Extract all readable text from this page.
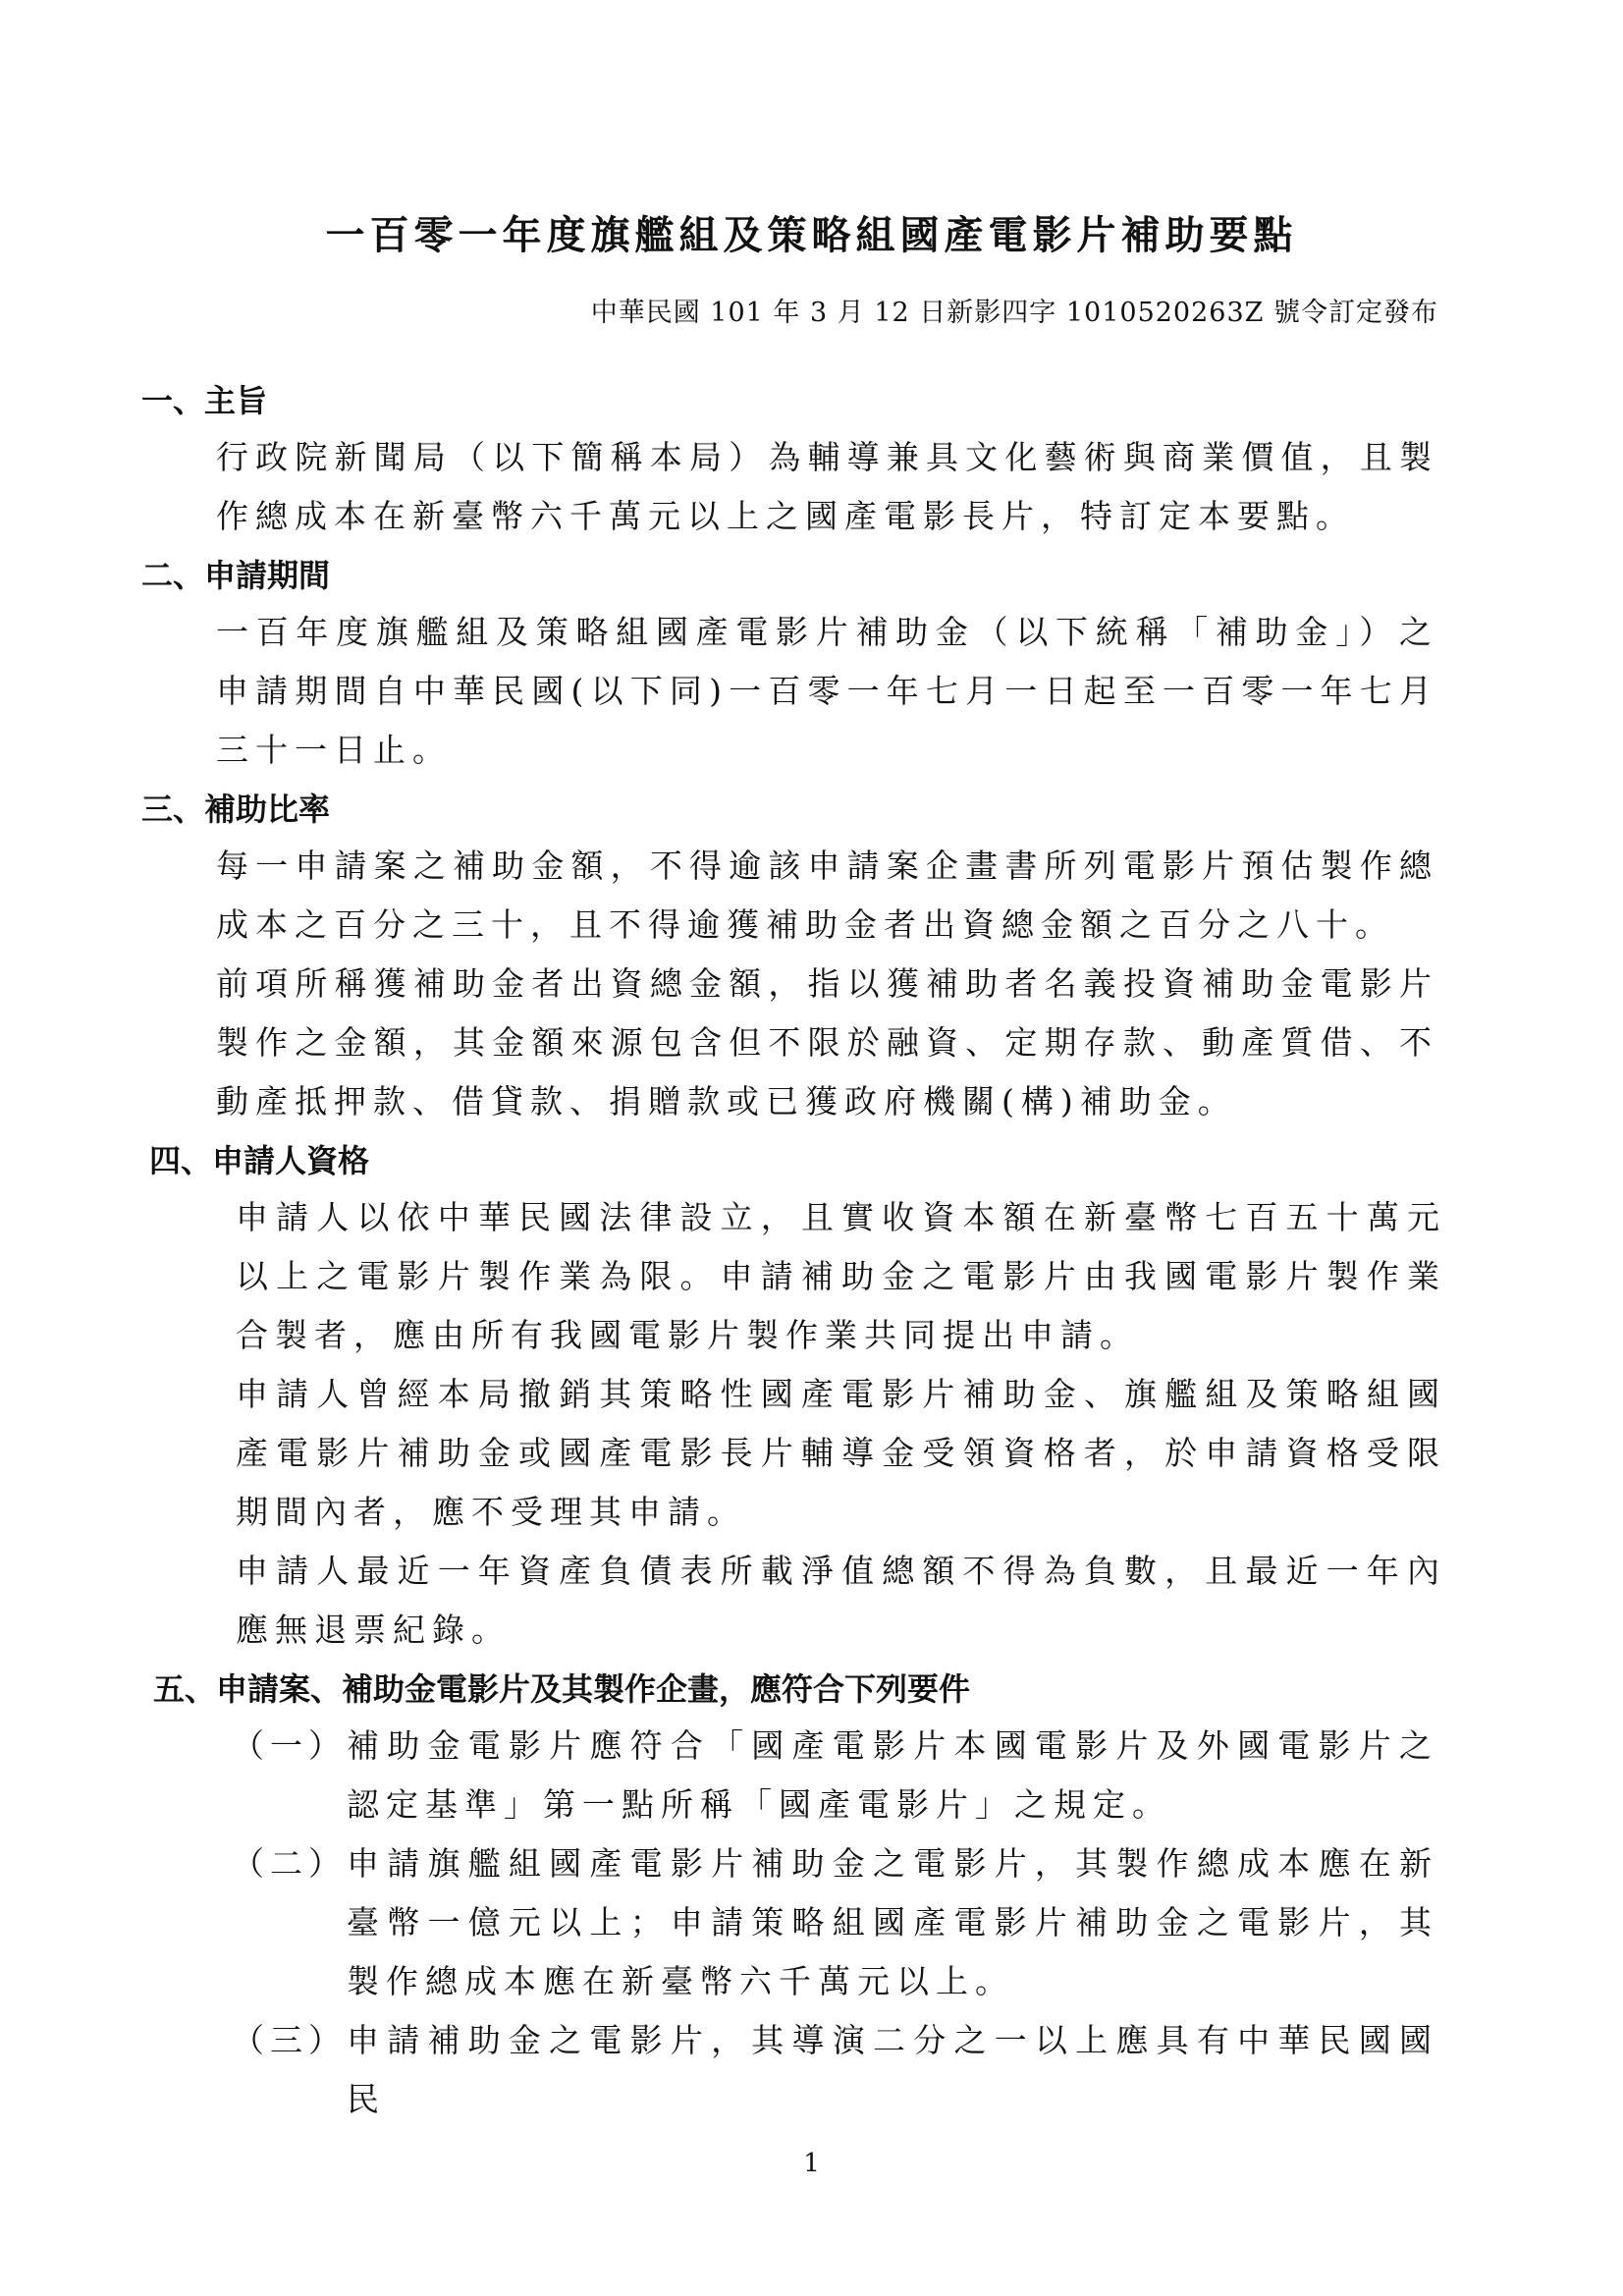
一百零一年度旗艦組及策略組國產電影片補助要點

中華民國 101 年 3 月 12 日新影四字 1010520263Z 號令訂定發布

一、主旨

行政院新聞局（以下簡稱本局）為輔導兼具文化藝術與商業價值，且製作總成本在新臺幣六千萬元以上之國產電影長片，特訂定本要點。

二、申請期間

一百年度旗艦組及策略組國產電影片補助金（以下統稱「補助金」）之申請期間自中華民國(以下同)一百零一年七月一日起至一百零一年七月三十一日止。

三、補助比率

每一申請案之補助金額，不得逾該申請案企畫書所列電影片預估製作總成本之百分之三十，且不得逾獲補助金者出資總金額之百分之八十。

前項所稱獲補助金者出資總金額，指以獲補助者名義投資補助金電影片製作之金額，其金額來源包含但不限於融資、定期存款、動產質借、不動產抵押款、借貸款、捐贈款或已獲政府機關(構)補助金。

四、申請人資格

申請人以依中華民國法律設立，且實收資本額在新臺幣七百五十萬元以上之電影片製作業為限。申請補助金之電影片由我國電影片製作業合製者，應由所有我國電影片製作業共同提出申請。

申請人曾經本局撤銷其策略性國產電影片補助金、旗艦組及策略組國產電影片補助金或國產電影長片輔導金受領資格者，於申請資格受限期間內者，應不受理其申請。

申請人最近一年資產負債表所載淨值總額不得為負數，且最近一年內應無退票紀錄。

五、申請案、補助金電影片及其製作企畫，應符合下列要件
（一） 補助金電影片應符合「國產電影片本國電影片及外國電影片之認定基準」第一點所稱「國產電影片」之規定。
（二） 申請旗艦組國產電影片補助金之電影片，其製作總成本應在新臺幣一億元以上；申請策略組國產電影片補助金之電影片，其製作總成本應在新臺幣六千萬元以上。
（三） 申請補助金之電影片，其導演二分之一以上應具有中華民國國民

1
